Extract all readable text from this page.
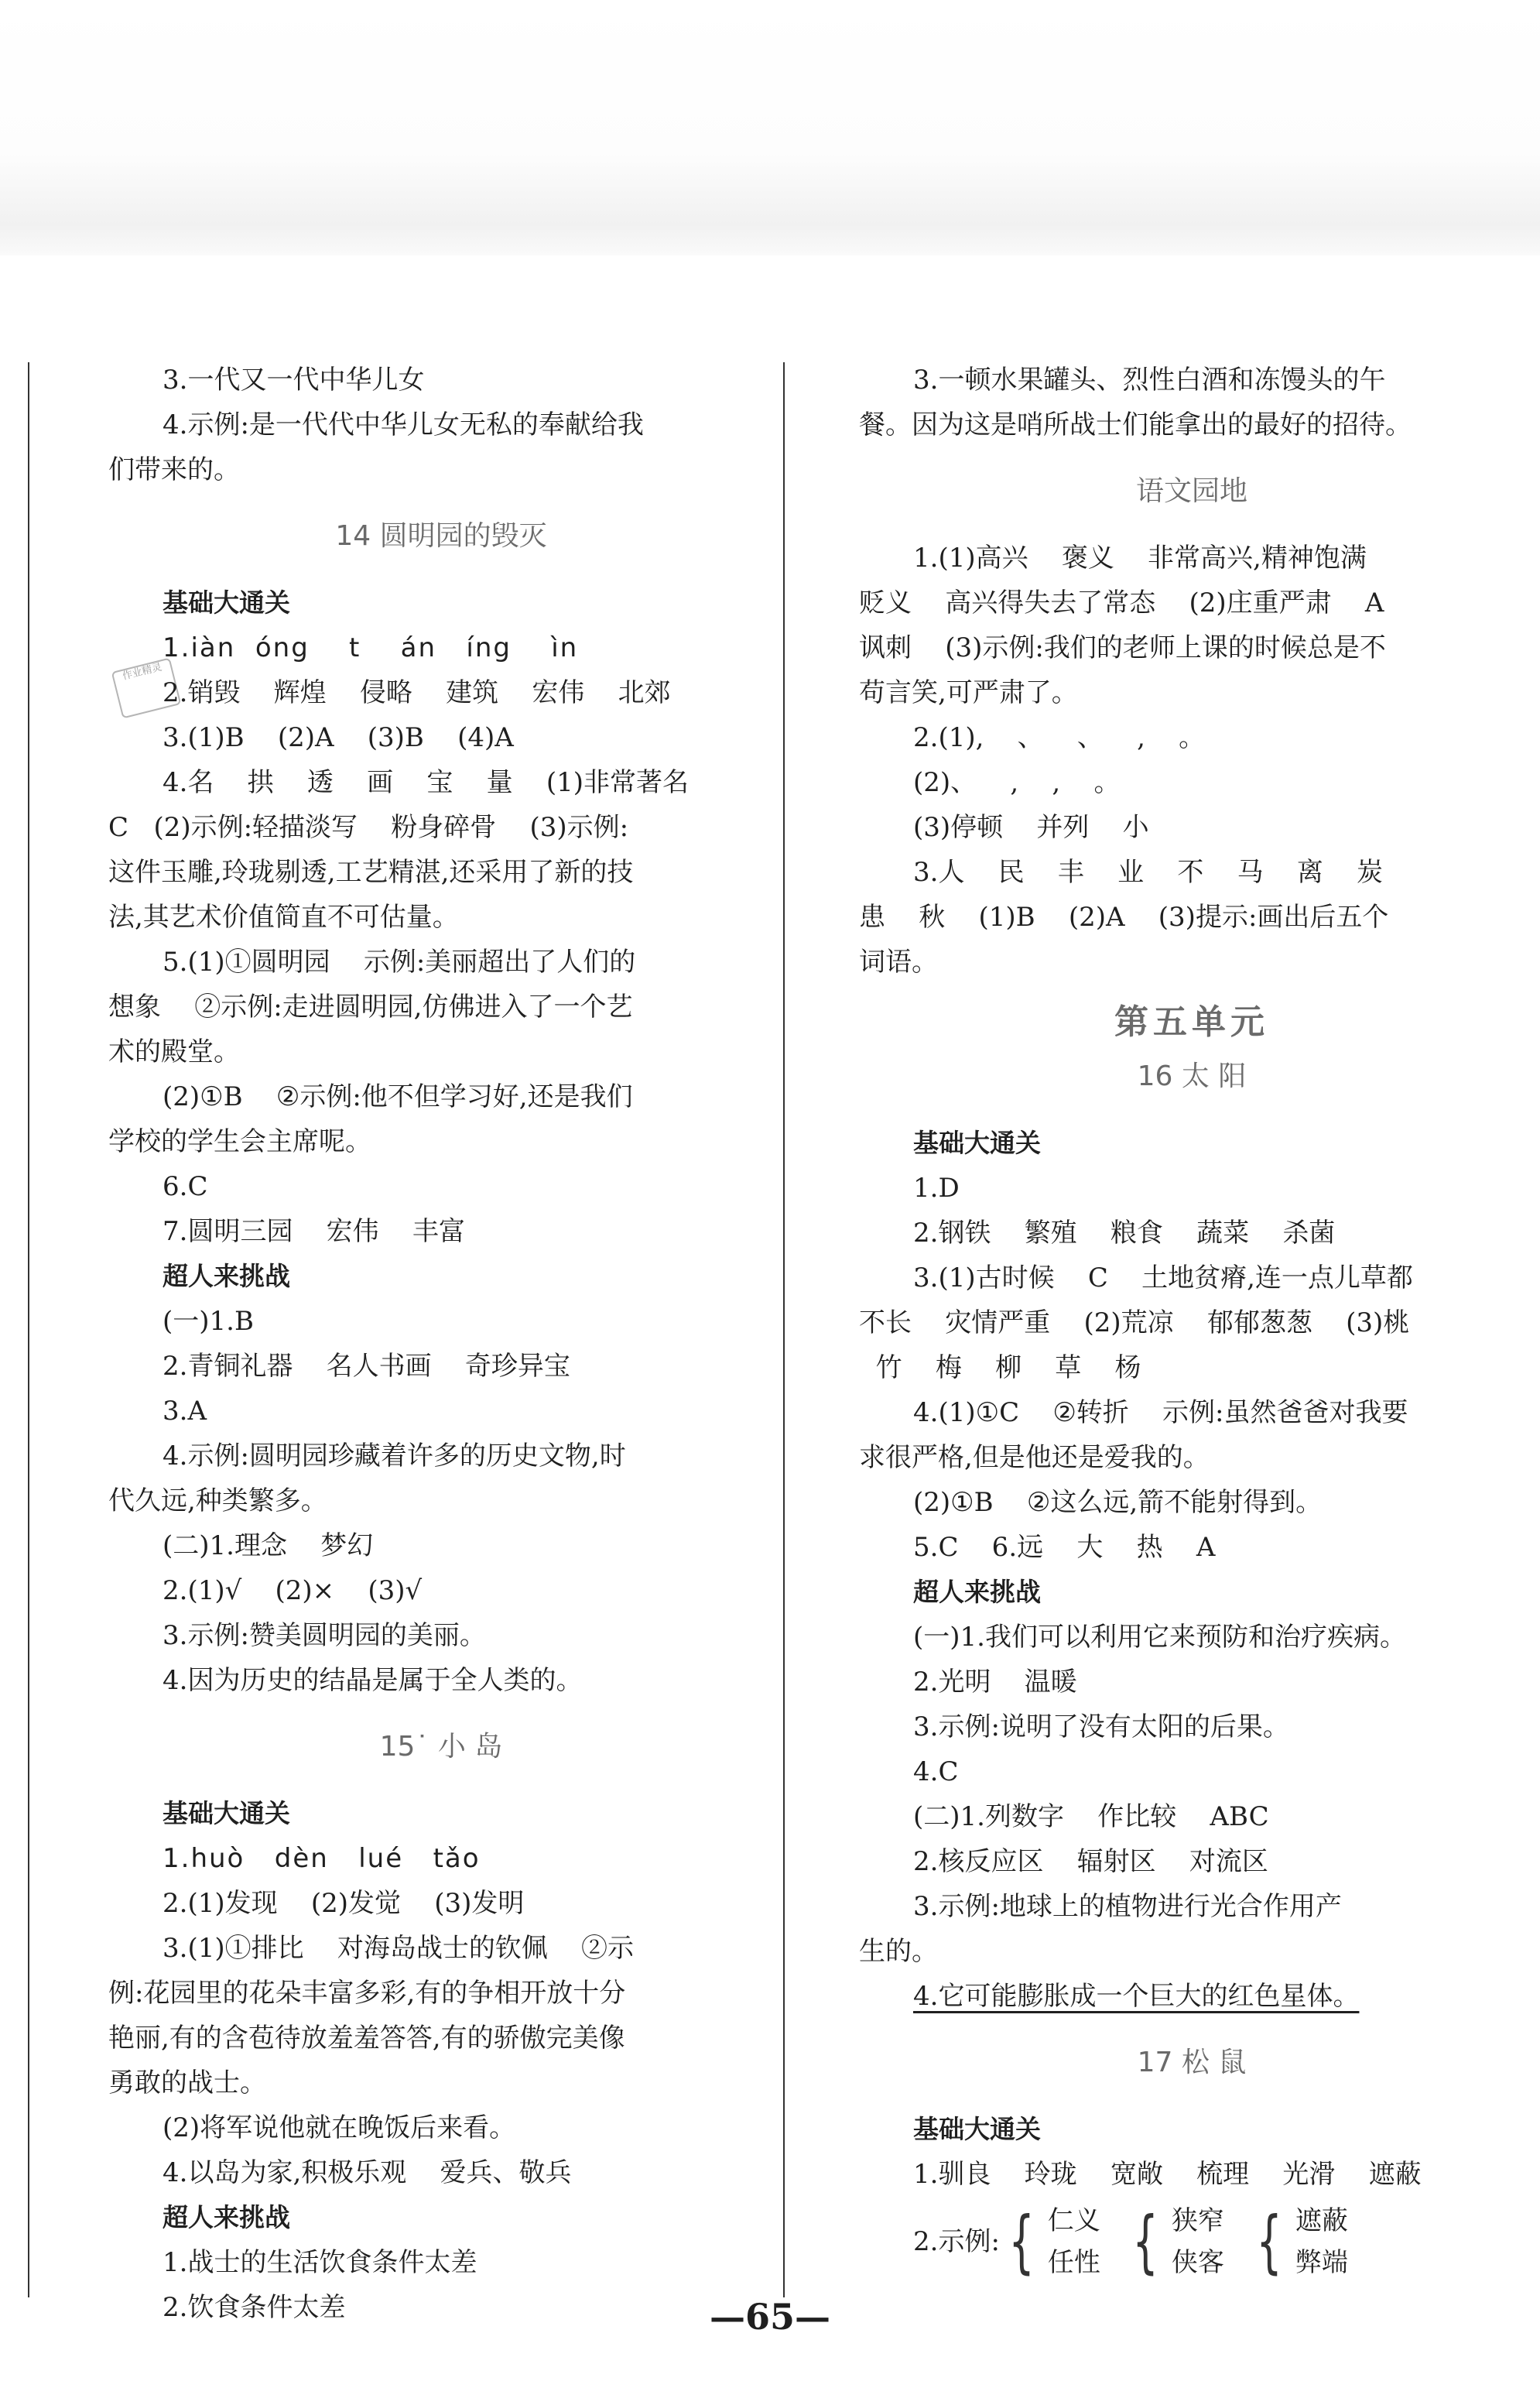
作业精灵
3.一代又一代中华儿女
4.示例:是一代代中华儿女无私的奉献给我
们带来的。
14 圆明园的毁灭
基础大通关
1.iàn  óng    t    án   íng    ìn
2.销毁    辉煌    侵略    建筑    宏伟    北郊
3.(1)B    (2)A    (3)B    (4)A
4.名    拱    透    画    宝    量    (1)非常著名
C   (2)示例:轻描淡写    粉身碎骨    (3)示例:
这件玉雕,玲珑剔透,工艺精湛,还采用了新的技
法,其艺术价值简直不可估量。
5.(1)①圆明园    示例:美丽超出了人们的
想象    ②示例:走进圆明园,仿佛进入了一个艺
术的殿堂。
(2)①B    ②示例:他不但学习好,还是我们
学校的学生会主席呢。
6.C
7.圆明三园    宏伟    丰富
超人来挑战
(一)1.B
2.青铜礼器    名人书画    奇珍异宝
3.A
4.示例:圆明园珍藏着许多的历史文物,时
代久远,种类繁多。
(二)1.理念    梦幻
2.(1)√    (2)×    (3)√
3.示例:赞美圆明园的美丽。
4.因为历史的结晶是属于全人类的。
15˙ 小 岛
基础大通关
1.huò   dèn   lué   tǎo
2.(1)发现    (2)发觉    (3)发明
3.(1)①排比    对海岛战士的钦佩    ②示
例:花园里的花朵丰富多彩,有的争相开放十分
艳丽,有的含苞待放羞羞答答,有的骄傲完美像
勇敢的战士。
(2)将军说他就在晚饭后来看。
4.以岛为家,积极乐观    爱兵、敬兵
超人来挑战
1.战士的生活饮食条件太差
2.饮食条件太差
3.一顿水果罐头、烈性白酒和冻馒头的午
餐。因为这是哨所战士们能拿出的最好的招待。
语文园地
1.(1)高兴    褒义    非常高兴,精神饱满
贬义    高兴得失去了常态    (2)庄重严肃    A
讽刺    (3)示例:我们的老师上课的时候总是不
苟言笑,可严肃了。
2.(1),    、    、    ,    。
(2)、    ,    ,    。
(3)停顿    并列    小
3.人    民    丰    业    不    马    离    炭
患    秋    (1)B    (2)A    (3)提示:画出后五个
词语。
第五单元
16 太 阳
基础大通关
1.D
2.钢铁    繁殖    粮食    蔬菜    杀菌
3.(1)古时候    C    土地贫瘠,连一点儿草都
不长    灾情严重    (2)荒凉    郁郁葱葱    (3)桃
竹    梅    柳    草    杨
4.(1)①C    ②转折    示例:虽然爸爸对我要
求很严格,但是他还是爱我的。
(2)①B    ②这么远,箭不能射得到。
5.C    6.远    大    热    A
超人来挑战
(一)1.我们可以利用它来预防和治疗疾病。
2.光明    温暖
3.示例:说明了没有太阳的后果。
4.C
(二)1.列数字    作比较    ABC
2.核反应区    辐射区    对流区
3.示例:地球上的植物进行光合作用产
生的。
4.它可能膨胀成一个巨大的红色星体。
17 松 鼠
基础大通关
1.驯良    玲珑    宽敞    梳理    光滑    遮蔽
2.示例: { 仁义
任性 { 狭窄
侠客 { 遮蔽
弊端
—65—
